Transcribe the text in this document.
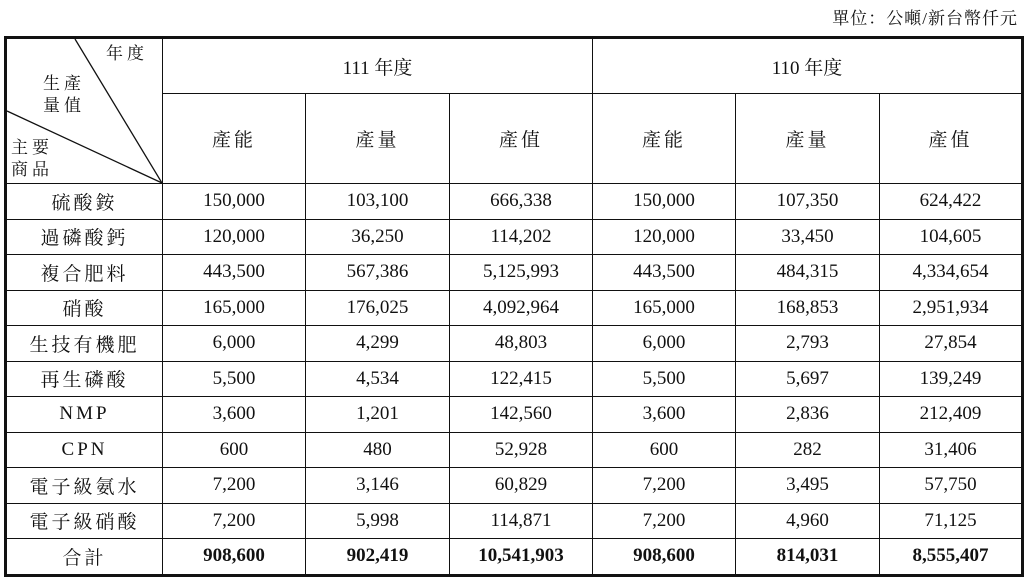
單位：公噸/新台幣仟元
年度
生產
量值
主要
商品	111 年度			110 年度		
	產能	產量	產值	產能	產量	產值
硫酸銨	150,000	103,100	666,338	150,000	107,350	624,422
過磷酸鈣	120,000	36,250	114,202	120,000	33,450	104,605
複合肥料	443,500	567,386	5,125,993	443,500	484,315	4,334,654
硝酸	165,000	176,025	4,092,964	165,000	168,853	2,951,934
生技有機肥	6,000	4,299	48,803	6,000	2,793	27,854
再生磷酸	5,500	4,534	122,415	5,500	5,697	139,249
NMP	3,600	1,201	142,560	3,600	2,836	212,409
CPN	600	480	52,928	600	282	31,406
電子級氨水	7,200	3,146	60,829	7,200	3,495	57,750
電子級硝酸	7,200	5,998	114,871	7,200	4,960	71,125
合計	908,600	902,419	10,541,903	908,600	814,031	8,555,407
